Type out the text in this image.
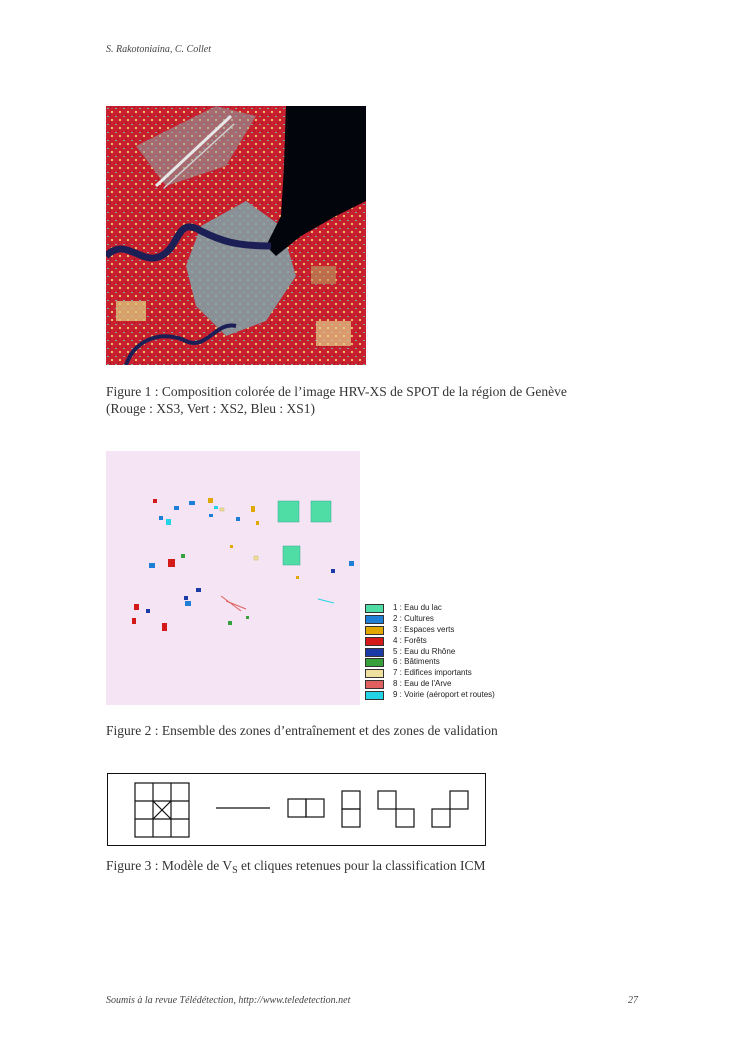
S. Rakotoniaina, C. Collet
Figure 1 : Composition colorée de l’image HRV-XS de SPOT de la région de Genève
(Rouge : XS3, Vert : XS2, Bleu : XS1)
1 : Eau du lac
2 : Cultures
3 : Espaces verts
4 : Forêts
5 : Eau du Rhône
6 : Bâtiments
7 : Edifices importants
8 : Eau de l'Arve
9 : Voirie (aéroport et routes)
Figure 2 : Ensemble des zones d’entraînement et des zones de validation
Figure 3 : Modèle de $V_S$ et cliques retenues pour la classification ICM
Soumis à la revue Télédétection, http://www.teledetection.net	27
